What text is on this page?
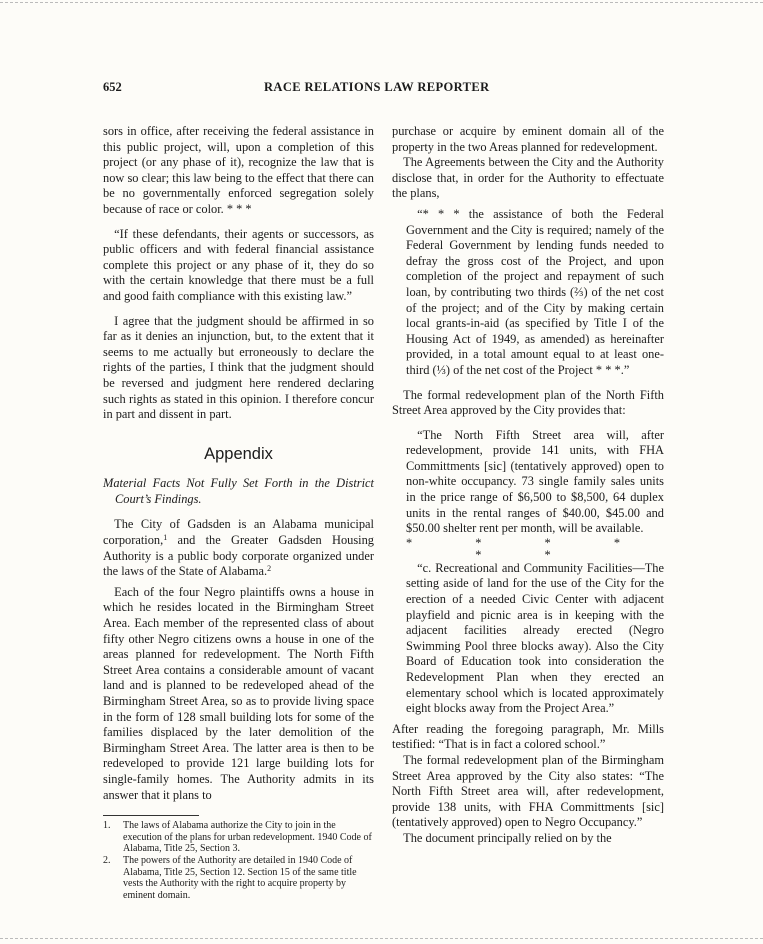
652	RACE RELATIONS LAW REPORTER

sors in office, after receiving the federal assistance in this public project, will, upon a completion of this project (or any phase of it), recognize the law that is now so clear; this law being to the effect that there can be no governmentally enforced segregation solely because of race or color. * * *

“If these defendants, their agents or successors, as public officers and with federal financial assistance complete this project or any phase of it, they do so with the certain knowledge that there must be a full and good faith compliance with this existing law.”

I agree that the judgment should be affirmed in so far as it denies an injunction, but, to the extent that it seems to me actually but erroneously to declare the rights of the parties, I think that the judgment should be reversed and judgment here rendered declaring such rights as stated in this opinion. I therefore concur in part and dissent in part.

Appendix

Material Facts Not Fully Set Forth in the District Court’s Findings.

The City of Gadsden is an Alabama municipal corporation,$^1$ and the Greater Gadsden Housing Authority is a public body corporate organized under the laws of the State of Alabama.$^2$

Each of the four Negro plaintiffs owns a house in which he resides located in the Birmingham Street Area. Each member of the represented class of about fifty other Negro citizens owns a house in one of the areas planned for redevelopment. The North Fifth Street Area contains a considerable amount of vacant land and is planned to be redeveloped ahead of the Birmingham Street Area, so as to provide living space in the form of 128 small building lots for some of the families displaced by the later demolition of the Birmingham Street Area. The latter area is then to be redeveloped to provide 121 large building lots for single-family homes. The Authority admits in its answer that it plans to

1. The laws of Alabama authorize the City to join in the execution of the plans for urban redevelopment. 1940 Code of Alabama, Title 25, Section 3.

2. The powers of the Authority are detailed in 1940 Code of Alabama, Title 25, Section 12. Section 15 of the same title vests the Authority with the right to acquire property by eminent domain.

purchase or acquire by eminent domain all of the property in the two Areas planned for redevelopment.

The Agreements between the City and the Authority disclose that, in order for the Authority to effectuate the plans,

“* * * the assistance of both the Federal Government and the City is required; namely of the Federal Government by lending funds needed to defray the gross cost of the Project, and upon completion of the project and repayment of such loan, by contributing two thirds (⅔) of the net cost of the project; and of the City by making certain local grants-in-aid (as specified by Title I of the Housing Act of 1949, as amended) as hereinafter provided, in a total amount equal to at least one-third (⅓) of the net cost of the Project * * *.”

The formal redevelopment plan of the North Fifth Street Area approved by the City provides that:

“The North Fifth Street area will, after redevelopment, provide 141 units, with FHA Committments [sic] (tentatively approved) open to non-white occupancy. 73 single family sales units in the price range of $6,500 to $8,500, 64 duplex units in the rental ranges of $40.00, $45.00 and $50.00 shelter rent per month, will be available.

* * * * * *

“c. Recreational and Community Facilities—The setting aside of land for the use of the City for the erection of a needed Civic Center with adjacent playfield and picnic area is in keeping with the adjacent facilities already erected (Negro Swimming Pool three blocks away). Also the City Board of Education took into consideration the Redevelopment Plan when they erected an elementary school which is located approximately eight blocks away from the Project Area.”

After reading the foregoing paragraph, Mr. Mills testified: “That is in fact a colored school.”

The formal redevelopment plan of the Birmingham Street Area approved by the City also states: “The North Fifth Street area will, after redevelopment, provide 138 units, with FHA Committments [sic] (tentatively approved) open to Negro Occupancy.”

The document principally relied on by the
